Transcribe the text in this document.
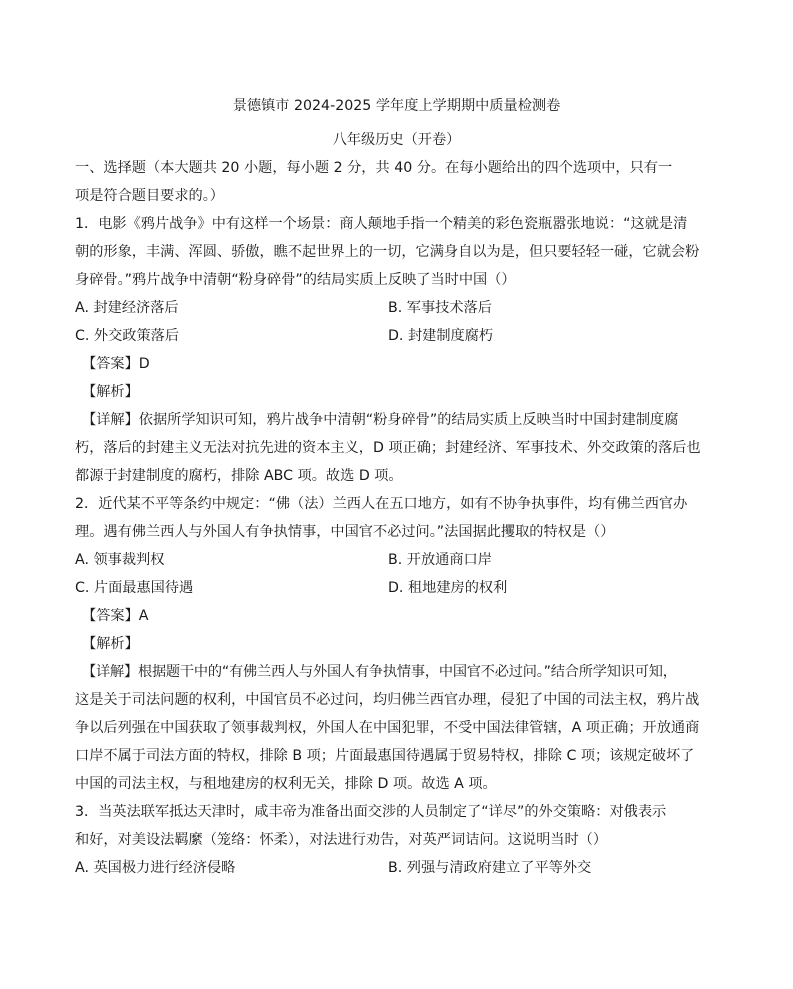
景德镇市 2024-2025 学年度上学期期中质量检测卷
八年级历史（开卷）
一、选择题（本大题共 20 小题，每小题 2 分，共 40 分。在每小题给出的四个选项中，只有一
项是符合题目要求的。）
1．电影《鸦片战争》中有这样一个场景：商人颠地手指一个精美的彩色瓷瓶嚣张地说：“这就是清
朝的形象，丰满、浑圆、骄傲，瞧不起世界上的一切，它满身自以为是，但只要轻轻一碰，它就会粉
身碎骨。”鸦片战争中清朝“粉身碎骨”的结局实质上反映了当时中国（）
A. 封建经济落后	B. 军事技术落后
C. 外交政策落后	D. 封建制度腐朽
【答案】D
【解析】
【详解】依据所学知识可知，鸦片战争中清朝“粉身碎骨”的结局实质上反映当时中国封建制度腐
朽，落后的封建主义无法对抗先进的资本主义，D 项正确；封建经济、军事技术、外交政策的落后也
都源于封建制度的腐朽，排除 ABC 项。故选 D 项。
2．近代某不平等条约中规定：“佛（法）兰西人在五口地方，如有不协争执事件，均有佛兰西官办
理。遇有佛兰西人与外国人有争执情事，中国官不必过问。”法国据此攫取的特权是（）
A. 领事裁判权	B. 开放通商口岸
C. 片面最惠国待遇	D. 租地建房的权利
【答案】A
【解析】
【详解】根据题干中的“有佛兰西人与外国人有争执情事，中国官不必过问。”结合所学知识可知，
这是关于司法问题的权利，中国官员不必过问，均归佛兰西官办理，侵犯了中国的司法主权，鸦片战
争以后列强在中国获取了领事裁判权，外国人在中国犯罪，不受中国法律管辖，A 项正确；开放通商
口岸不属于司法方面的特权，排除 B 项；片面最惠国待遇属于贸易特权，排除 C 项；该规定破坏了
中国的司法主权，与租地建房的权利无关，排除 D 项。故选 A 项。
3．当英法联军抵达天津时，咸丰帝为准备出面交涉的人员制定了“详尽”的外交策略：对俄表示
和好，对美设法羁縻（笼络：怀柔），对法进行劝告，对英严词诘问。这说明当时（）
A. 英国极力进行经济侵略	B. 列强与清政府建立了平等外交
